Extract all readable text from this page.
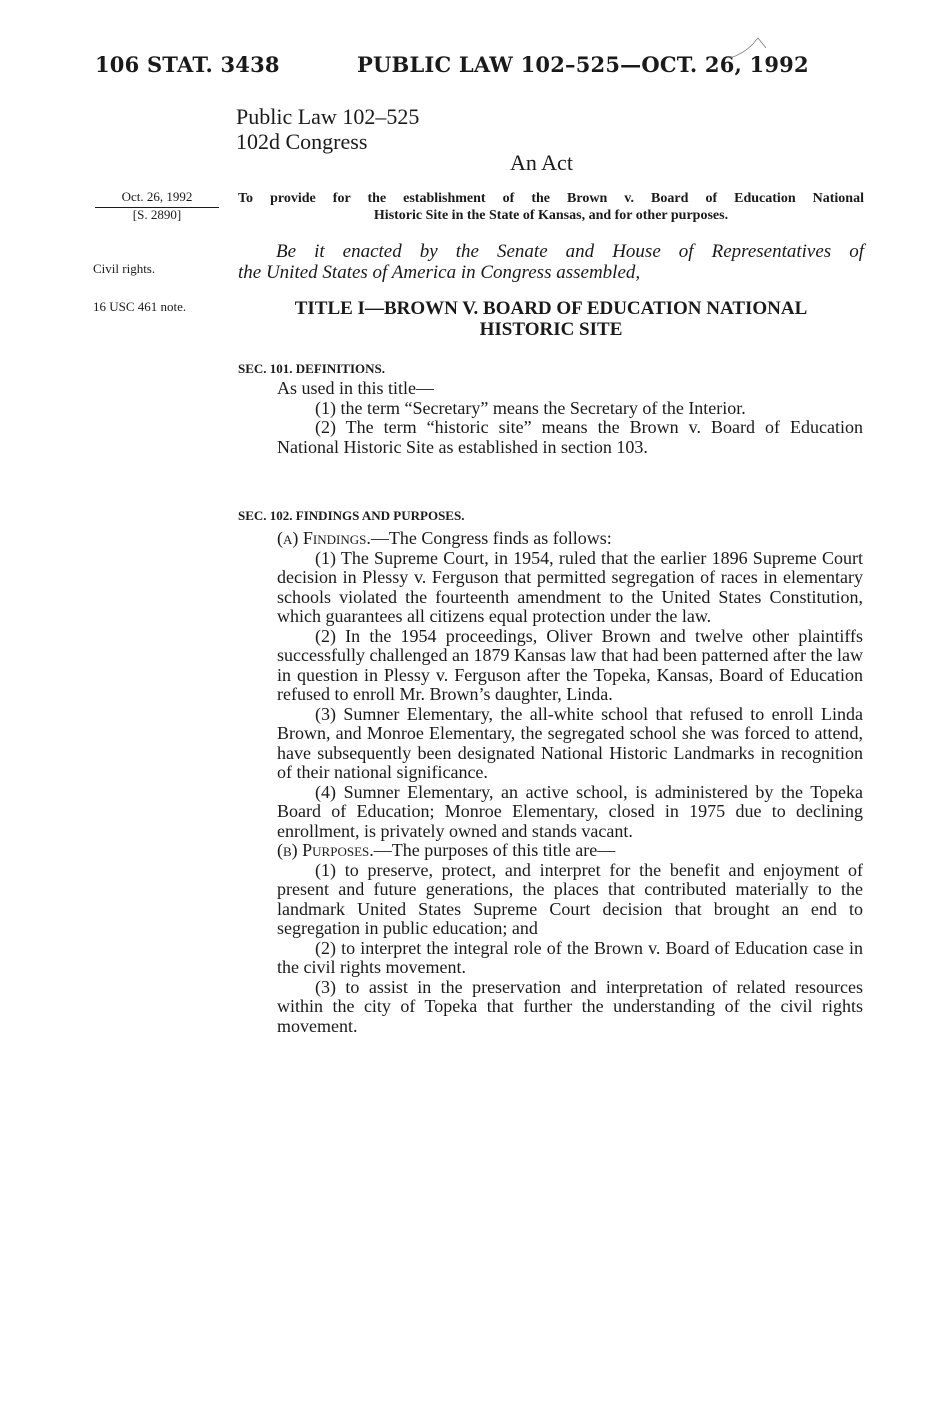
106 STAT. 3438	PUBLIC LAW 102–525—OCT. 26, 1992
Public Law 102–525
102d Congress
An Act
Oct. 26, 1992
[S. 2890]
Civil rights.
16 USC 461 note.
To provide for the establishment of the Brown v. Board of Education National
Historic Site in the State of Kansas, and for other purposes.
Be it enacted by the Senate and House of Representatives of
the United States of America in Congress assembled,
TITLE I—BROWN V. BOARD OF EDUCATION NATIONAL
HISTORIC SITE
SEC. 101. DEFINITIONS.

As used in this title—

(1) the term “Secretary” means the Secretary of the Interior.

(2) The term “historic site” means the Brown v. Board of Education National Historic Site as established in section 103.

SEC. 102. FINDINGS AND PURPOSES.

(a) Findings.—The Congress finds as follows:

(1) The Supreme Court, in 1954, ruled that the earlier 1896 Supreme Court decision in Plessy v. Ferguson that permitted segregation of races in elementary schools violated the fourteenth amendment to the United States Constitution, which guarantees all citizens equal protection under the law.

(2) In the 1954 proceedings, Oliver Brown and twelve other plaintiffs successfully challenged an 1879 Kansas law that had been patterned after the law in question in Plessy v. Ferguson after the Topeka, Kansas, Board of Education refused to enroll Mr. Brown’s daughter, Linda.

(3) Sumner Elementary, the all-white school that refused to enroll Linda Brown, and Monroe Elementary, the segregated school she was forced to attend, have subsequently been designated National Historic Landmarks in recognition of their national significance.

(4) Sumner Elementary, an active school, is administered by the Topeka Board of Education; Monroe Elementary, closed in 1975 due to declining enrollment, is privately owned and stands vacant.

(b) Purposes.—The purposes of this title are—

(1) to preserve, protect, and interpret for the benefit and enjoyment of present and future generations, the places that contributed materially to the landmark United States Supreme Court decision that brought an end to segregation in public education; and

(2) to interpret the integral role of the Brown v. Board of Education case in the civil rights movement.

(3) to assist in the preservation and interpretation of related resources within the city of Topeka that further the understanding of the civil rights movement.
